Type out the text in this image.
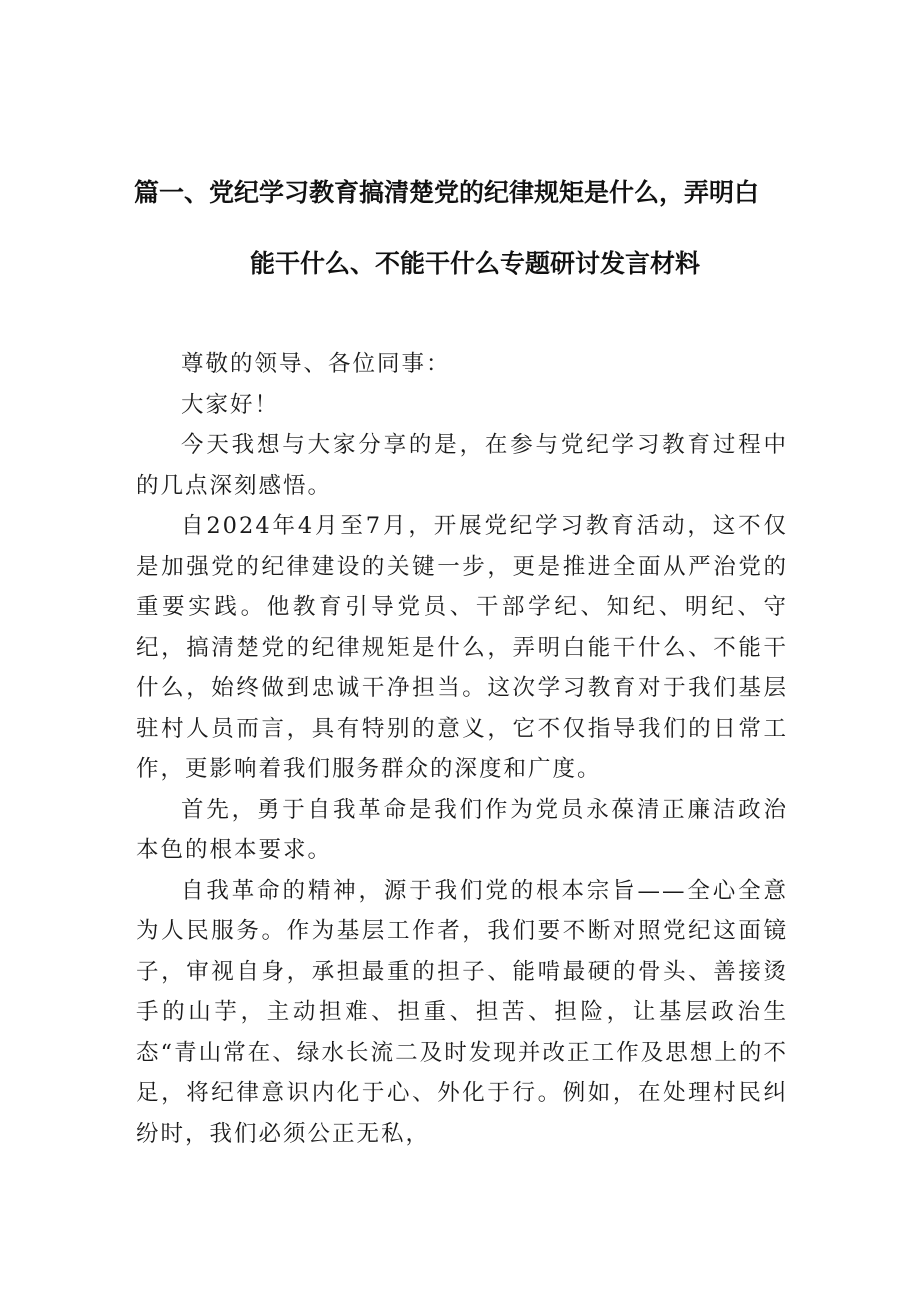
篇一、党纪学习教育搞清楚党的纪律规矩是什么，弄明白
能干什么、不能干什么专题研讨发言材料

尊敬的领导、各位同事：

大家好！

今天我想与大家分享的是，在参与党纪学习教育过程中的几点深刻感悟。

自2024年4月至7月，开展党纪学习教育活动，这不仅是加强党的纪律建设的关键一步，更是推进全面从严治党的重要实践。他教育引导党员、干部学纪、知纪、明纪、守纪，搞清楚党的纪律规矩是什么，弄明白能干什么、不能干什么，始终做到忠诚干净担当。这次学习教育对于我们基层驻村人员而言，具有特别的意义，它不仅指导我们的日常工作，更影响着我们服务群众的深度和广度。

首先，勇于自我革命是我们作为党员永葆清正廉洁政治本色的根本要求。

自我革命的精神，源于我们党的根本宗旨——全心全意为人民服务。作为基层工作者，我们要不断对照党纪这面镜子，审视自身，承担最重的担子、能啃最硬的骨头、善接烫手的山芋，主动担难、担重、担苦、担险，让基层政治生态“青山常在、绿水长流二及时发现并改正工作及思想上的不足，将纪律意识内化于心、外化于行。例如，在处理村民纠纷时，我们必须公正无私，
